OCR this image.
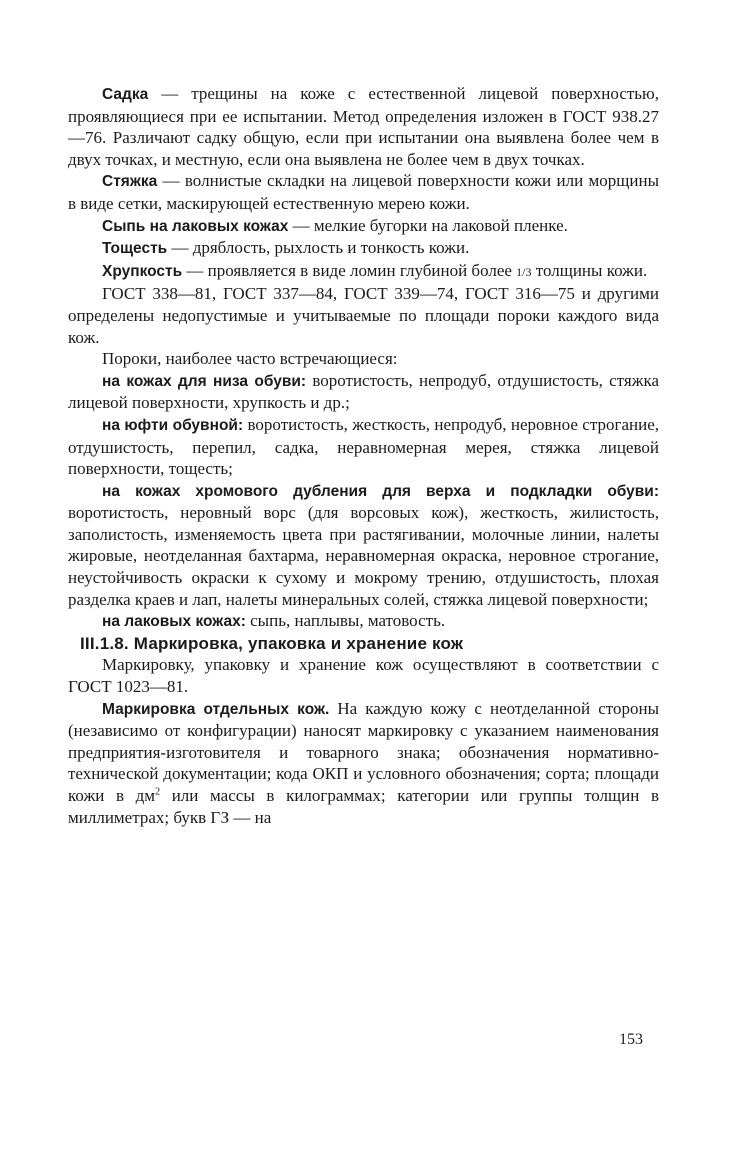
Садка — трещины на коже с естественной лицевой поверхностью, проявляющиеся при ее испытании. Метод определения изложен в ГОСТ 938.27—76. Различают садку общую, если при испытании она выявлена более чем в двух точках, и местную, если она выявлена не более чем в двух точках.

Стяжка — волнистые складки на лицевой поверхности кожи или морщины в виде сетки, маскирующей естественную мерею кожи.

Сыпь на лаковых кожах — мелкие бугорки на лаковой пленке.

Тощесть — дряблость, рыхлость и тонкость кожи.

Хрупкость — проявляется в виде ломин глубиной более 1/3 толщины кожи.

ГОСТ 338—81, ГОСТ 337—84, ГОСТ 339—74, ГОСТ 316—75 и другими определены недопустимые и учитываемые по площади пороки каждого вида кож.

Пороки, наиболее часто встречающиеся:

на кожах для низа обуви: воротистость, непродуб, отдушистость, стяжка лицевой поверхности, хрупкость и др.;

на юфти обувной: воротистость, жесткость, непродуб, неровное строгание, отдушистость, перепил, садка, неравномерная мерея, стяжка лицевой поверхности, тощесть;

на кожах хромового дубления для верха и подкладки обуви: воротистость, неровный ворс (для ворсовых кож), жесткость, жилистость, заполистость, изменяемость цвета при растягивании, молочные линии, налеты жировые, неотделанная бахтарма, неравномерная окраска, неровное строгание, неустойчивость окраски к сухому и мокрому трению, отдушистость, плохая разделка краев и лап, налеты минеральных солей, стяжка лицевой поверхности;

на лаковых кожах: сыпь, наплывы, матовость.

III.1.8. Маркировка, упаковка и хранение кож

Маркировку, упаковку и хранение кож осуществляют в соответствии с ГОСТ 1023—81.

Маркировка отдельных кож. На каждую кожу с неотделанной стороны (независимо от конфигурации) наносят маркировку с указанием наименования предприятия-изготовителя и товарного знака; обозначения нормативно-технической документации; кода ОКП и условного обозначения; сорта; площади кожи в $дм^2$ или массы в килограммах; категории или группы толщин в миллиметрах; букв ГЗ — на

153
